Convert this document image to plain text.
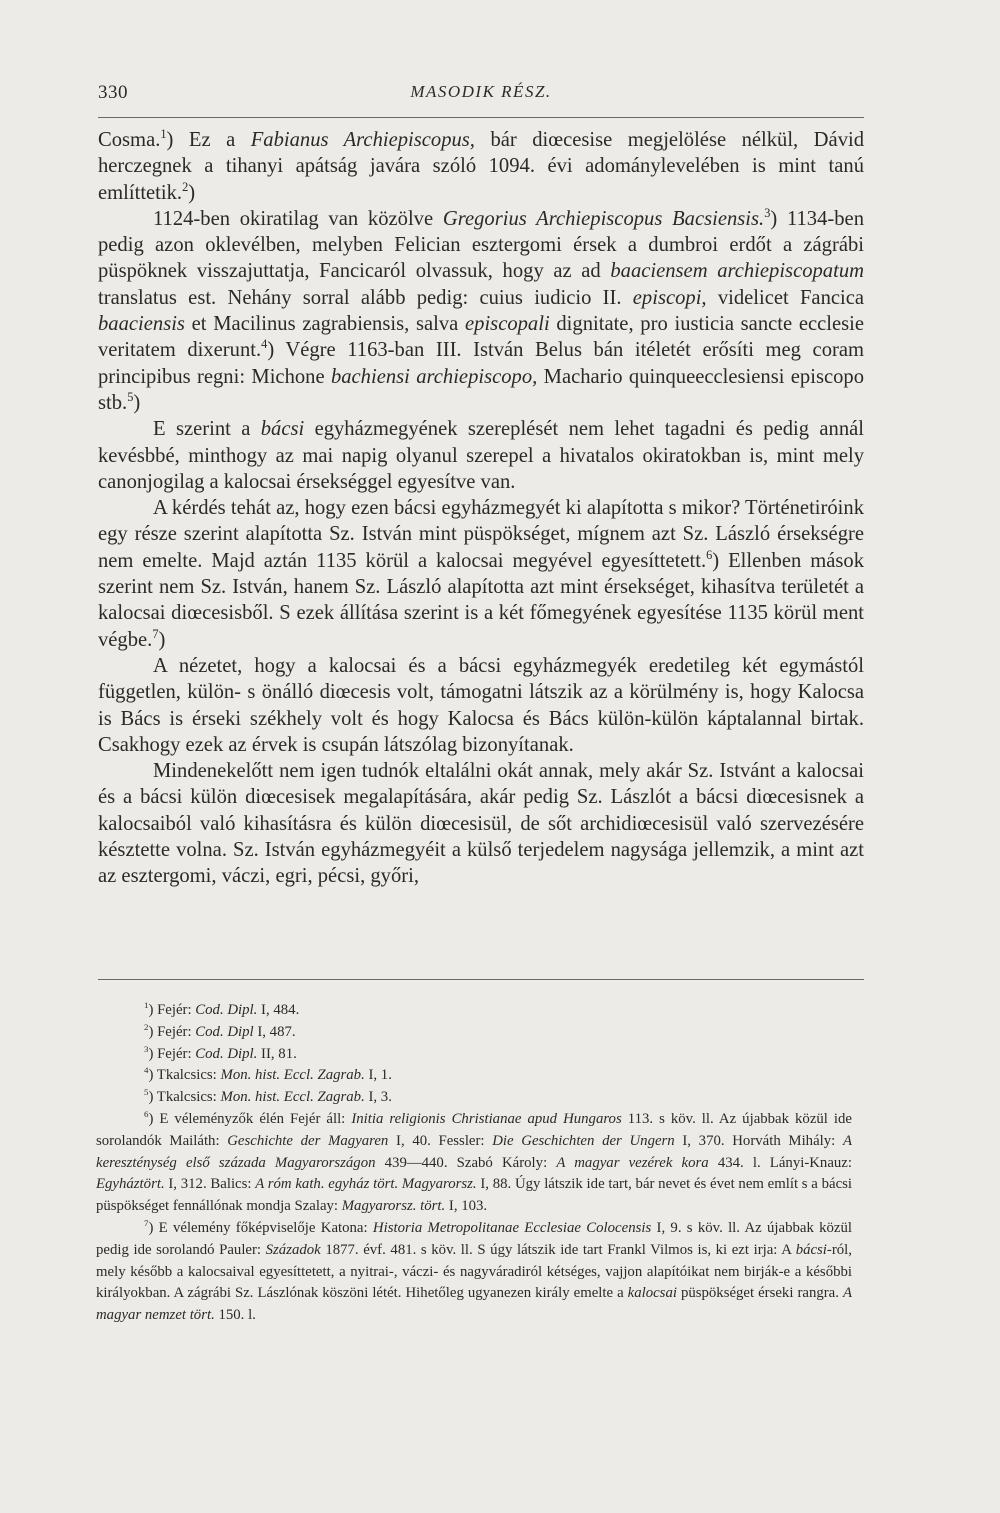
330	MASODIK RÉSZ.

Cosma.$^1$) Ez a Fabianus Archiepiscopus, bár diœcesise megjelölése nélkül, Dávid herczegnek a tihanyi apátság javára szóló 1094. évi adománylevelében is mint tanú említtetik.$^2$)

1124-ben okiratilag van közölve Gregorius Archiepiscopus Bacsiensis.$^3$) 1134-ben pedig azon oklevélben, melyben Felician esztergomi érsek a dumbroi erdőt a zágrábi püspöknek visszajuttatja, Fancicaról olvassuk, hogy az ad baaciensem archiepiscopatum translatus est. Nehány sorral alább pedig: cuius iudicio II. episcopi, videlicet Fancica baaciensis et Macilinus zagrabiensis, salva episcopali dignitate, pro iusticia sancte ecclesie veritatem dixerunt.$^4$) Végre 1163-ban III. István Belus bán itéletét erősíti meg coram principibus regni: Michone bachiensi archiepiscopo, Machario quinqueecclesiensi episcopo stb.$^5$)

E szerint a bácsi egyházmegyének szereplését nem lehet tagadni és pedig annál kevésbbé, minthogy az mai napig olyanul szerepel a hivatalos okiratokban is, mint mely canonjogilag a kalocsai érsekséggel egyesítve van.

A kérdés tehát az, hogy ezen bácsi egyházmegyét ki alapította s mikor? Történetiróink egy része szerint alapította Sz. István mint püspökséget, mígnem azt Sz. László érsekségre nem emelte. Majd aztán 1135 körül a kalocsai megyével egyesíttetett.$^6$) Ellenben mások szerint nem Sz. István, hanem Sz. László alapította azt mint érsekséget, kihasítva területét a kalocsai diœcesisből. S ezek állítása szerint is a két főmegyének egyesítése 1135 körül ment végbe.$^7$)

A nézetet, hogy a kalocsai és a bácsi egyházmegyék eredetileg két egymástól független, külön- s önálló diœcesis volt, támogatni látszik az a körülmény is, hogy Kalocsa is Bács is érseki székhely volt és hogy Kalocsa és Bács külön-külön káptalannal birtak. Csakhogy ezek az érvek is csupán látszólag bizonyítanak.

Mindenekelőtt nem igen tudnók eltalálni okát annak, mely akár Sz. Istvánt a kalocsai és a bácsi külön diœcesisek megalapítására, akár pedig Sz. Lászlót a bácsi diœcesisnek a kalocsaiból való kihasításra és külön diœcesisül, de sőt archidiœcesisül való szervezésére késztette volna. Sz. István egyházmegyéit a külső terjedelem nagysága jellemzik, a mint azt az esztergomi, váczi, egri, pécsi, győri,

$^1$) Fejér: Cod. Dipl. I, 484.

$^2$) Fejér: Cod. Dipl I, 487.

$^3$) Fejér: Cod. Dipl. II, 81.

$^4$) Tkalcsics: Mon. hist. Eccl. Zagrab. I, 1.

$^5$) Tkalcsics: Mon. hist. Eccl. Zagrab. I, 3.

$^6$) E véleményzők élén Fejér áll: Initia religionis Christianae apud Hungaros 113. s köv. ll. Az újabbak közül ide sorolandók Mailáth: Geschichte der Magyaren I, 40. Fessler: Die Geschichten der Ungern I, 370. Horváth Mihály: A kereszténység első százada Magyarországon 439—440. Szabó Károly: A magyar vezérek kora 434. l. Lányi-Knauz: Egyháztört. I, 312. Balics: A róm kath. egyház tört. Magyarorsz. I, 88. Úgy látszik ide tart, bár nevet és évet nem említ s a bácsi püspökséget fennállónak mondja Szalay: Magyarorsz. tört. I, 103.

$^7$) E vélemény főképviselője Katona: Historia Metropolitanae Ecclesiae Colocensis I, 9. s köv. ll. Az újabbak közül pedig ide sorolandó Pauler: Századok 1877. évf. 481. s köv. ll. S úgy látszik ide tart Frankl Vilmos is, ki ezt irja: A bácsi-ról, mely később a kalocsaival egyesíttetett, a nyitrai-, váczi- és nagyváradiról kétséges, vajjon alapítóikat nem birják-e a későbbi királyokban. A zágrábi Sz. Lászlónak köszöni létét. Hihetőleg ugyanezen király emelte a kalocsai püspökséget érseki rangra. A magyar nemzet tört. 150. l.
